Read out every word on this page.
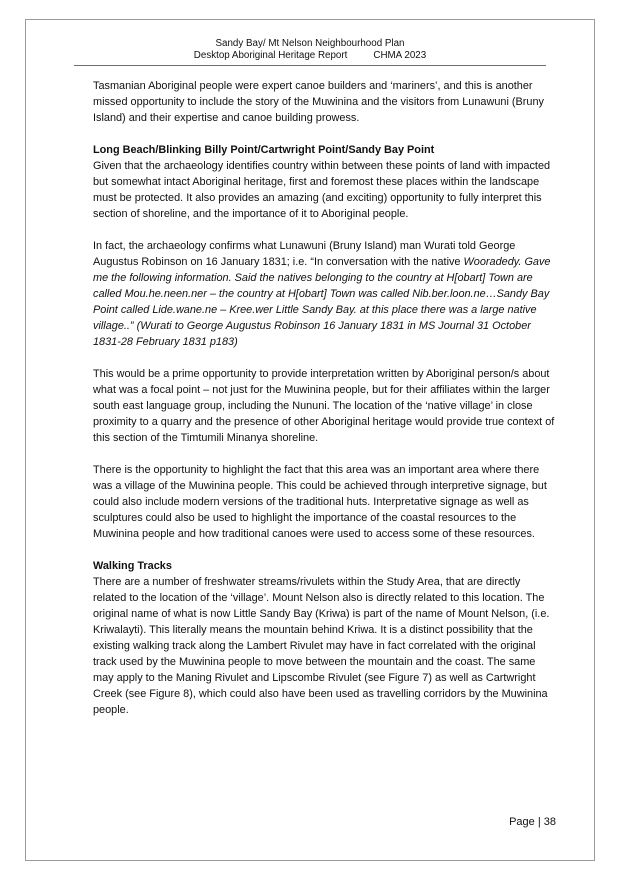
Sandy Bay/ Mt Nelson Neighbourhood Plan
Desktop Aboriginal Heritage Report	CHMA 2023

Tasmanian Aboriginal people were expert canoe builders and ‘mariners’, and this is another missed opportunity to include the story of the Muwinina and the visitors from Lunawuni (Bruny Island) and their expertise and canoe building prowess.

Long Beach/Blinking Billy Point/Cartwright Point/Sandy Bay Point

Given that the archaeology identifies country within between these points of land with impacted but somewhat intact Aboriginal heritage, first and foremost these places within the landscape must be protected. It also provides an amazing (and exciting) opportunity to fully interpret this section of shoreline, and the importance of it to Aboriginal people.

In fact, the archaeology confirms what Lunawuni (Bruny Island) man Wurati told George Augustus Robinson on 16 January 1831; i.e. “In conversation with the native Wooradedy. Gave me the following information. Said the natives belonging to the country at H[obart] Town are called Mou.he.neen.ner – the country at H[obart] Town was called Nib.ber.loon.ne…Sandy Bay Point called Lide.wane.ne – Kree.wer Little Sandy Bay. at this place there was a large native village..” (Wurati to George Augustus Robinson 16 January 1831 in MS Journal 31 October 1831-28 February 1831 p183)

This would be a prime opportunity to provide interpretation written by Aboriginal person/s about what was a focal point – not just for the Muwinina people, but for their affiliates within the larger south east language group, including the Nununi. The location of the ‘native village’ in close proximity to a quarry and the presence of other Aboriginal heritage would provide true context of this section of the Timtumili Minanya shoreline.

There is the opportunity to highlight the fact that this area was an important area where there was a village of the Muwinina people. This could be achieved through interpretive signage, but could also include modern versions of the traditional huts. Interpretative signage as well as sculptures could also be used to highlight the importance of the coastal resources to the Muwinina people and how traditional canoes were used to access some of these resources.

Walking Tracks

There are a number of freshwater streams/rivulets within the Study Area, that are directly related to the location of the ‘village’. Mount Nelson also is directly related to this location. The original name of what is now Little Sandy Bay (Kriwa) is part of the name of Mount Nelson, (i.e. Kriwalayti). This literally means the mountain behind Kriwa. It is a distinct possibility that the existing walking track along the Lambert Rivulet may have in fact correlated with the original track used by the Muwinina people to move between the mountain and the coast. The same may apply to the Maning Rivulet and Lipscombe Rivulet (see Figure 7) as well as Cartwright Creek (see Figure 8), which could also have been used as travelling corridors by the Muwinina people.

Page | 38
